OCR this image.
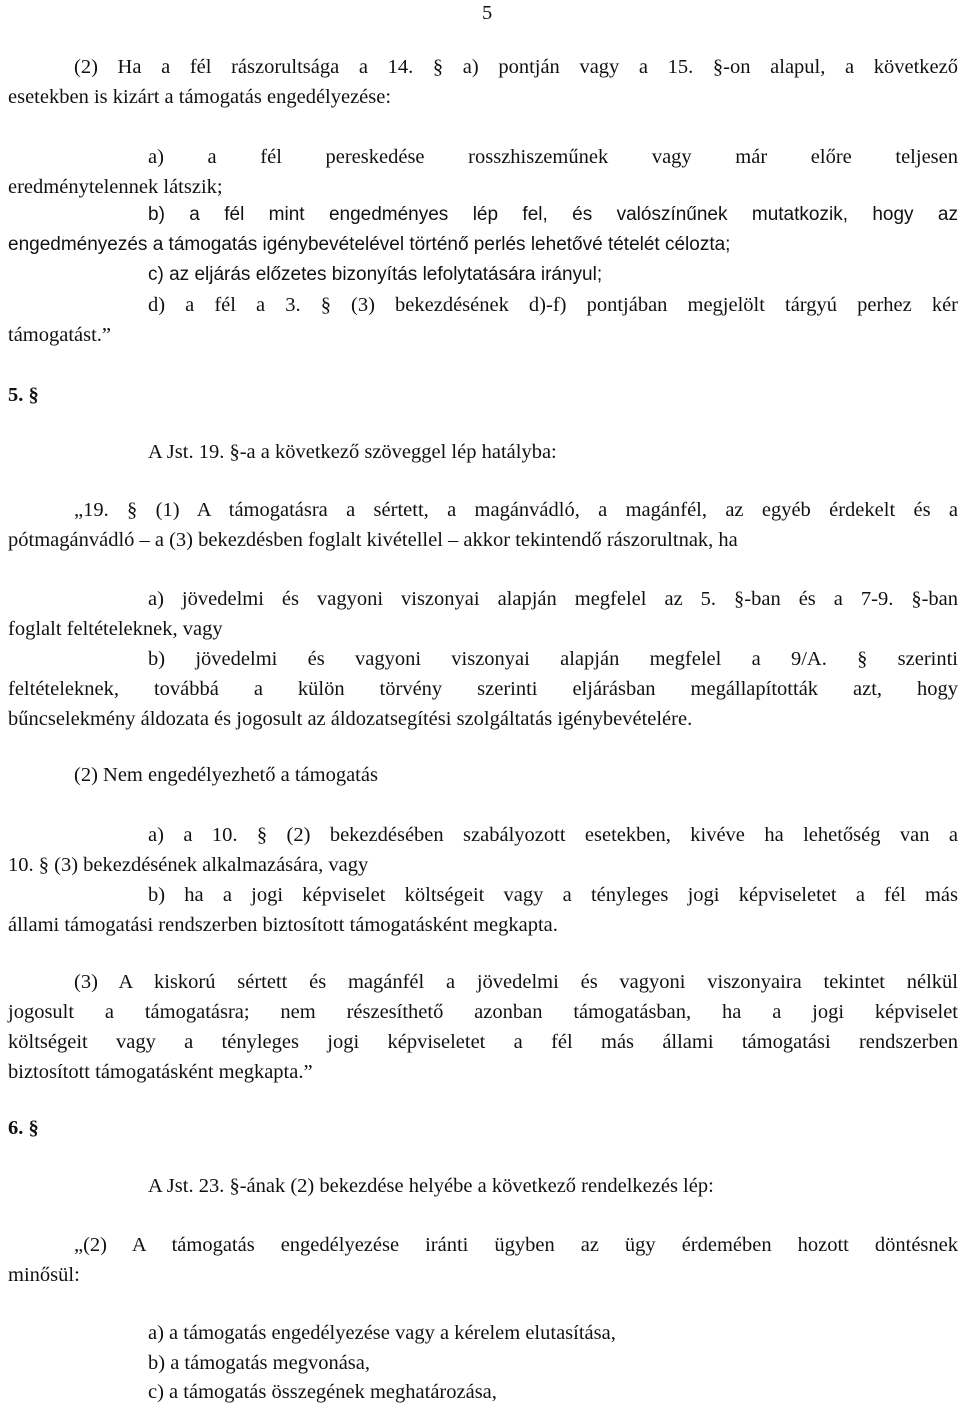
5
(2) Ha a fél rászorultsága a 14. § a) pontján vagy a 15. §-on alapul, a következő
esetekben is kizárt a támogatás engedélyezése:
a) a fél pereskedése rosszhiszeműnek vagy már előre teljesen
eredménytelennek látszik;
b) a fél mint engedményes lép fel, és valószínűnek mutatkozik, hogy az
engedményezés a támogatás igénybevételével történő perlés lehetővé tételét célozta;
c) az eljárás előzetes bizonyítás lefolytatására irányul;
d) a fél a 3. § (3) bekezdésének d)-f) pontjában megjelölt tárgyú perhez kér
támogatást.”
5. §
A Jst. 19. §-a a következő szöveggel lép hatályba:
„19. § (1) A támogatásra a sértett, a magánvádló, a magánfél, az egyéb érdekelt és a
pótmagánvádló – a (3) bekezdésben foglalt kivétellel – akkor tekintendő rászorultnak, ha
a) jövedelmi és vagyoni viszonyai alapján megfelel az 5. §-ban és a 7-9. §-ban
foglalt feltételeknek, vagy
b) jövedelmi és vagyoni viszonyai alapján megfelel a 9/A. § szerinti
feltételeknek, továbbá a külön törvény szerinti eljárásban megállapították azt, hogy
bűncselekmény áldozata és jogosult az áldozatsegítési szolgáltatás igénybevételére.
(2) Nem engedélyezhető a támogatás
a) a 10. § (2) bekezdésében szabályozott esetekben, kivéve ha lehetőség van a
10. § (3) bekezdésének alkalmazására, vagy
b) ha a jogi képviselet költségeit vagy a tényleges jogi képviseletet a fél más
állami támogatási rendszerben biztosított támogatásként megkapta.
(3) A kiskorú sértett és magánfél a jövedelmi és vagyoni viszonyaira tekintet nélkül
jogosult a támogatásra; nem részesíthető azonban támogatásban, ha a jogi képviselet
költségeit vagy a tényleges jogi képviseletet a fél más állami támogatási rendszerben
biztosított támogatásként megkapta.”
6. §
A Jst. 23. §-ának (2) bekezdése helyébe a következő rendelkezés lép:
„(2) A támogatás engedélyezése iránti ügyben az ügy érdemében hozott döntésnek
minősül:
a) a támogatás engedélyezése vagy a kérelem elutasítása,
b) a támogatás megvonása,
c) a támogatás összegének meghatározása,
